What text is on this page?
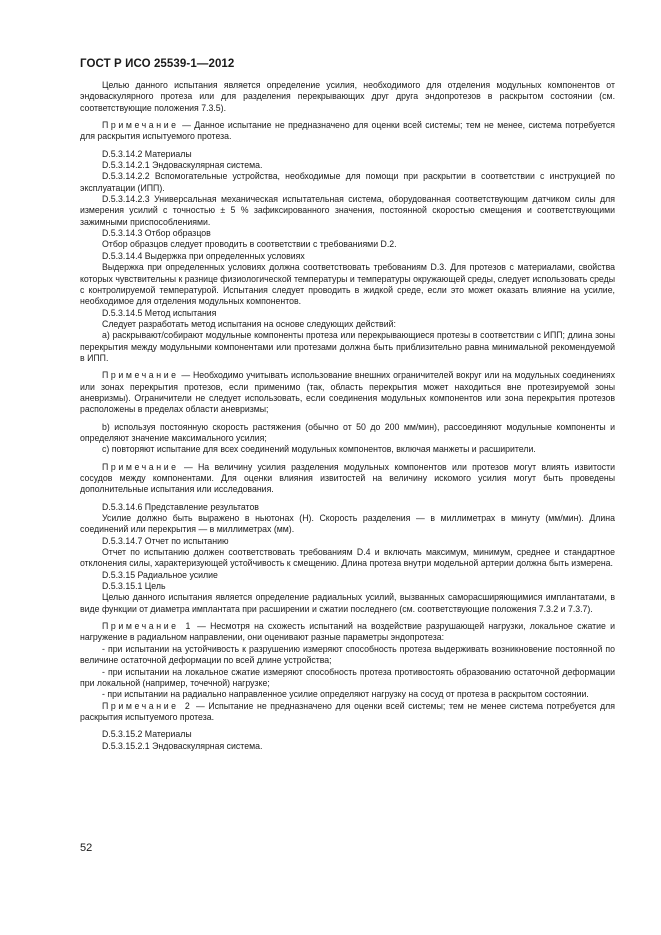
ГОСТ Р ИСО 25539-1—2012

Целью данного испытания является определение усилия, необходимого для отделения модульных компонентов от эндоваскулярного протеза или для разделения перекрывающих друг друга эндопротезов в раскрытом состоянии (см. соответствующие положения 7.3.5).

Примечание — Данное испытание не предназначено для оценки всей системы; тем не менее, система потребуется для раскрытия испытуемого протеза.

D.5.3.14.2 Материалы

D.5.3.14.2.1 Эндоваскулярная система.

D.5.3.14.2.2 Вспомогательные устройства, необходимые для помощи при раскрытии в соответствии с инструкцией по эксплуатации (ИПП).

D.5.3.14.2.3 Универсальная механическая испытательная система, оборудованная соответствующим датчиком силы для измерения усилий с точностью ± 5 % зафиксированного значения, постоянной скоростью смещения и соответствующими зажимными приспособлениями.

D.5.3.14.3 Отбор образцов

Отбор образцов следует проводить в соответствии с требованиями D.2.

D.5.3.14.4 Выдержка при определенных условиях

Выдержка при определенных условиях должна соответствовать требованиям D.3. Для протезов с материалами, свойства которых чувствительны к разнице физиологической температуры и температуры окружающей среды, следует использовать среды с контролируемой температурой. Испытания следует проводить в жидкой среде, если это может оказать влияние на усилие, необходимое для отделения модульных компонентов.

D.5.3.14.5 Метод испытания

Следует разработать метод испытания на основе следующих действий:

а) раскрывают/собирают модульные компоненты протеза или перекрывающиеся протезы в соответствии с ИПП; длина зоны перекрытия между модульными компонентами или протезами должна быть приблизительно равна минимальной рекомендуемой в ИПП.

Примечание — Необходимо учитывать использование внешних ограничителей вокруг или на модульных соединениях или зонах перекрытия протезов, если применимо (так, область перекрытия может находиться вне протезируемой зоны аневризмы). Ограничители не следует использовать, если соединения модульных компонентов или зона перекрытия протезов расположены в пределах области аневризмы;

b) используя постоянную скорость растяжения (обычно от 50 до 200 мм/мин), рассоединяют модульные компоненты и определяют значение максимального усилия;

с) повторяют испытание для всех соединений модульных компонентов, включая манжеты и расширители.

Примечание — На величину усилия разделения модульных компонентов или протезов могут влиять извитости сосудов между компонентами. Для оценки влияния извитостей на величину искомого усилия могут быть проведены дополнительные испытания или исследования.

D.5.3.14.6 Представление результатов

Усилие должно быть выражено в ньютонах (Н). Скорость разделения — в миллиметрах в минуту (мм/мин). Длина соединений или перекрытия — в миллиметрах (мм).

D.5.3.14.7 Отчет по испытанию

Отчет по испытанию должен соответствовать требованиям D.4 и включать максимум, минимум, среднее и стандартное отклонения силы, характеризующей устойчивость к смещению. Длина протеза внутри модельной артерии должна быть измерена.

D.5.3.15 Радиальное усилие

D.5.3.15.1 Цель

Целью данного испытания является определение радиальных усилий, вызванных саморасширяющимися имплантатами, в виде функции от диаметра имплантата при расширении и сжатии последнего (см. соответствующие положения 7.3.2 и 7.3.7).

Примечание 1 — Несмотря на схожесть испытаний на воздействие разрушающей нагрузки, локальное сжатие и нагружение в радиальном направлении, они оценивают разные параметры эндопротеза:

- при испытании на устойчивость к разрушению измеряют способность протеза выдерживать возникновение постоянной по величине остаточной деформации по всей длине устройства;

- при испытании на локальное сжатие измеряют способность протеза противостоять образованию остаточной деформации при локальной (например, точечной) нагрузке;

- при испытании на радиально направленное усилие определяют нагрузку на сосуд от протеза в раскрытом состоянии.

Примечание 2 — Испытание не предназначено для оценки всей системы; тем не менее система потребуется для раскрытия испытуемого протеза.

D.5.3.15.2 Материалы

D.5.3.15.2.1 Эндоваскулярная система.

52
